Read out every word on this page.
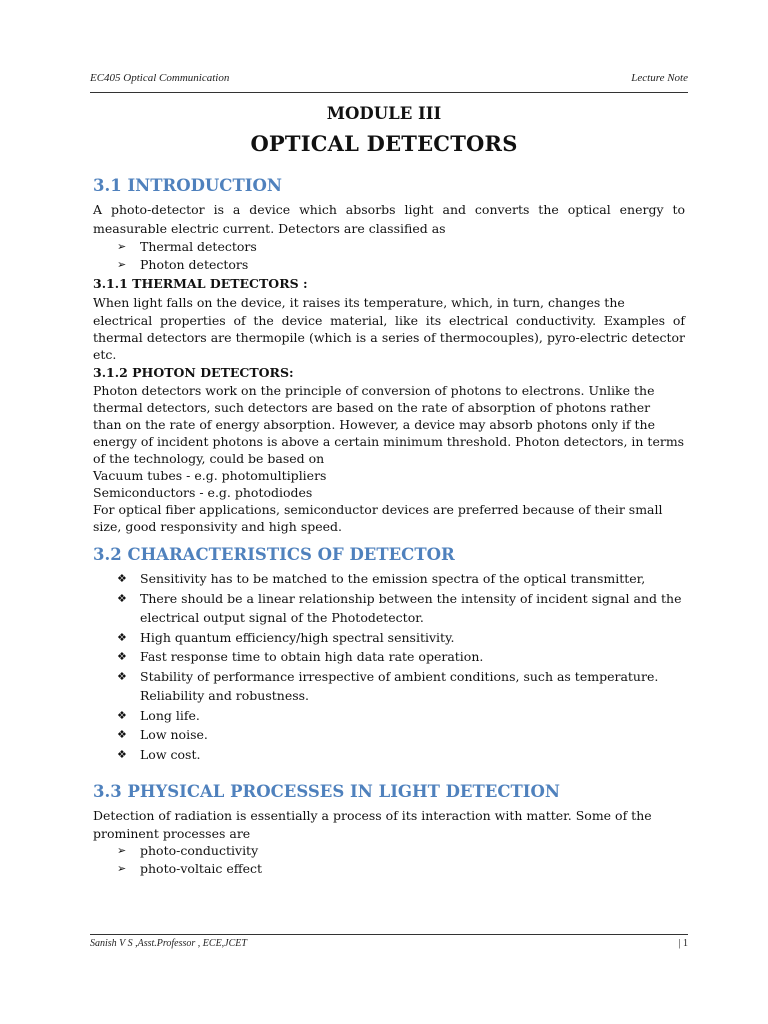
EC405 Optical Communication	Lecture Note
MODULE III
OPTICAL DETECTORS
3.1 INTRODUCTION

A photo-detector is a device which absorbs light and converts the optical energy to measurable electric current. Detectors are classified as

➢ Thermal detectors
➢ Photon detectors
3.1.1 THERMAL DETECTORS :

When light falls on the device, it raises its temperature, which, in turn, changes the

electrical properties of the device material, like its electrical conductivity. Examples of thermal detectors are thermopile (which is a series of thermocouples), pyro-electric detector etc.

3.1.2 PHOTON DETECTORS:

Photon detectors work on the principle of conversion of photons to electrons. Unlike the

thermal detectors, such detectors are based on the rate of absorption of photons rather

than on the rate of energy absorption. However, a device may absorb photons only if the energy of incident photons is above a certain minimum threshold. Photon detectors, in terms of the technology, could be based on

Vacuum tubes - e.g. photomultipliers

Semiconductors - e.g. photodiodes

For optical fiber applications, semiconductor devices are preferred because of their small size, good responsivity and high speed.

3.2 CHARACTERISTICS OF DETECTOR
❖ Sensitivity has to be matched to the emission spectra of the optical transmitter,
❖ There should be a linear relationship between the intensity of incident signal and the electrical output signal of the Photodetector.
❖ High quantum efficiency/high spectral sensitivity.
❖ Fast response time to obtain high data rate operation.
❖ Stability of performance irrespective of ambient conditions, such as temperature. Reliability and robustness.
❖ Long life.
❖ Low noise.
❖ Low cost.
3.3 PHYSICAL PROCESSES IN LIGHT DETECTION

Detection of radiation is essentially a process of its interaction with matter. Some of the

prominent processes are

➢ photo-conductivity
➢ photo-voltaic effect
Sanish V S ,Asst.Professor , ECE,JCET	| 1
